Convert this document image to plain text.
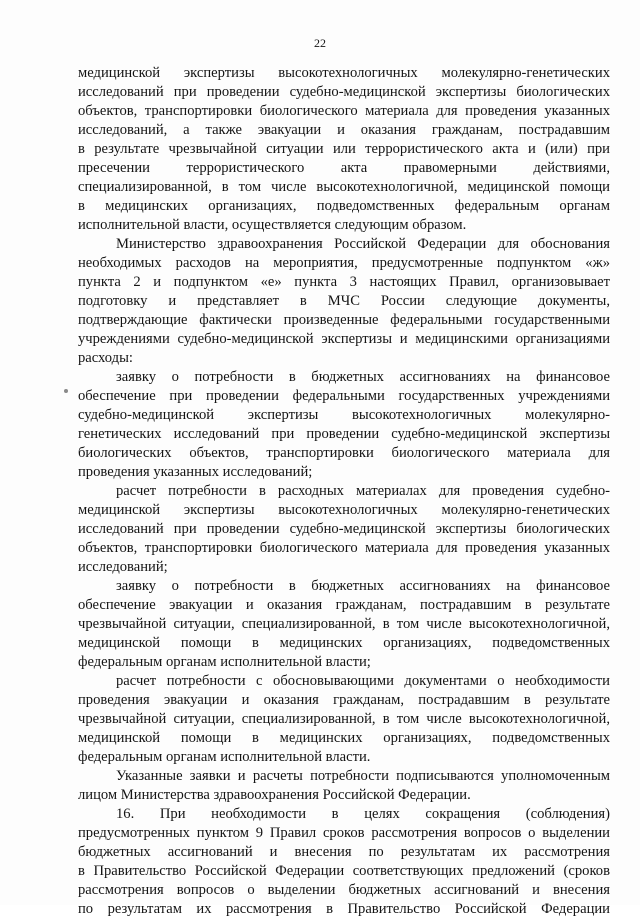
22
медицинской экспертизы высокотехнологичных молекулярно-генетических
исследований при проведении судебно-медицинской экспертизы биологических
объектов, транспортировки биологического материала для проведения указанных
исследований, а также эвакуации и оказания гражданам, пострадавшим
в результате чрезвычайной ситуации или террористического акта и (или) при
пресечении террористического акта правомерными действиями,
специализированной, в том числе высокотехнологичной, медицинской помощи
в медицинских организациях, подведомственных федеральным органам
исполнительной власти, осуществляется следующим образом.
Министерство здравоохранения Российской Федерации для обоснования
необходимых расходов на мероприятия, предусмотренные подпунктом «ж»
пункта 2 и подпунктом «е» пункта 3 настоящих Правил, организовывает
подготовку и представляет в МЧС России следующие документы,
подтверждающие фактически произведенные федеральными государственными
учреждениями судебно-медицинской экспертизы и медицинскими организациями
расходы:
заявку о потребности в бюджетных ассигнованиях на финансовое
обеспечение при проведении федеральными государственных учреждениями
судебно-медицинской экспертизы высокотехнологичных молекулярно-
генетических исследований при проведении судебно-медицинской экспертизы
биологических объектов, транспортировки биологического материала для
проведения указанных исследований;
расчет потребности в расходных материалах для проведения судебно-
медицинской экспертизы высокотехнологичных молекулярно-генетических
исследований при проведении судебно-медицинской экспертизы биологических
объектов, транспортировки биологического материала для проведения указанных
исследований;
заявку о потребности в бюджетных ассигнованиях на финансовое
обеспечение эвакуации и оказания гражданам, пострадавшим в результате
чрезвычайной ситуации, специализированной, в том числе высокотехнологичной,
медицинской помощи в медицинских организациях, подведомственных
федеральным органам исполнительной власти;
расчет потребности с обосновывающими документами о необходимости
проведения эвакуации и оказания гражданам, пострадавшим в результате
чрезвычайной ситуации, специализированной, в том числе высокотехнологичной,
медицинской помощи в медицинских организациях, подведомственных
федеральным органам исполнительной власти.
Указанные заявки и расчеты потребности подписываются уполномоченным
лицом Министерства здравоохранения Российской Федерации.
16. При необходимости в целях сокращения (соблюдения)
предусмотренных пунктом 9 Правил сроков рассмотрения вопросов о выделении
бюджетных ассигнований и внесения по результатам их рассмотрения
в Правительство Российской Федерации соответствующих предложений (сроков
рассмотрения вопросов о выделении бюджетных ассигнований и внесения
по результатам их рассмотрения в Правительство Российской Федерации
